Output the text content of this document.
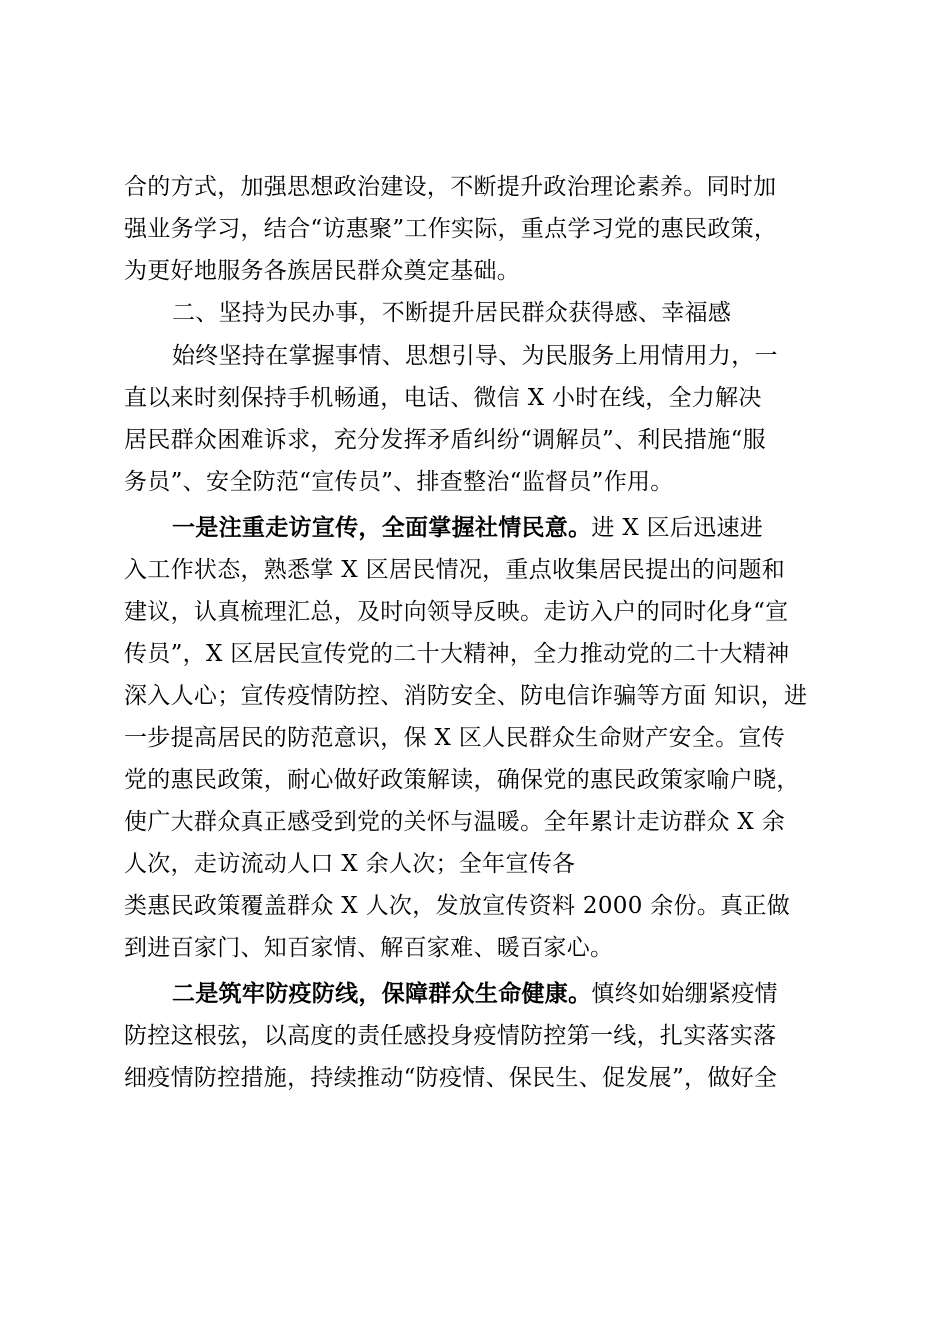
合的方式，加强思想政治建设，不断提升政治理论素养。同时加
强业务学习，结合“访惠聚”工作实际，重点学习党的惠民政策，
为更好地服务各族居民群众奠定基础。
二、坚持为民办事，不断提升居民群众获得感、幸福感
始终坚持在掌握事情、思想引导、为民服务上用情用力，一
直以来时刻保持手机畅通，电话、微信 X 小时在线，全力解决
居民群众困难诉求，充分发挥矛盾纠纷“调解员”、利民措施“服
务员”、安全防范“宣传员”、排查整治“监督员”作用。
一是注重走访宣传，全面掌握社情民意。进 X 区后迅速进
入工作状态，熟悉掌 X 区居民情况，重点收集居民提出的问题和
建议，认真梳理汇总，及时向领导反映。走访入户的同时化身“宣
传员”，X 区居民宣传党的二十大精神，全力推动党的二十大精神
深入人心；宣传疫情防控、消防安全、防电信诈骗等方面 知识，进
一步提高居民的防范意识，保 X 区人民群众生命财产安全。宣传
党的惠民政策，耐心做好政策解读，确保党的惠民政策家喻户晓，
使广大群众真正感受到党的关怀与温暖。全年累计走访群众 X 余
人次，走访流动人口 X 余人次；全年宣传各
类惠民政策覆盖群众 X 人次，发放宣传资料 2000 余份。真正做
到进百家门、知百家情、解百家难、暖百家心。
二是筑牢防疫防线，保障群众生命健康。慎终如始绷紧疫情
防控这根弦，以高度的责任感投身疫情防控第一线，扎实落实落
细疫情防控措施，持续推动“防疫情、保民生、促发展”，做好全
